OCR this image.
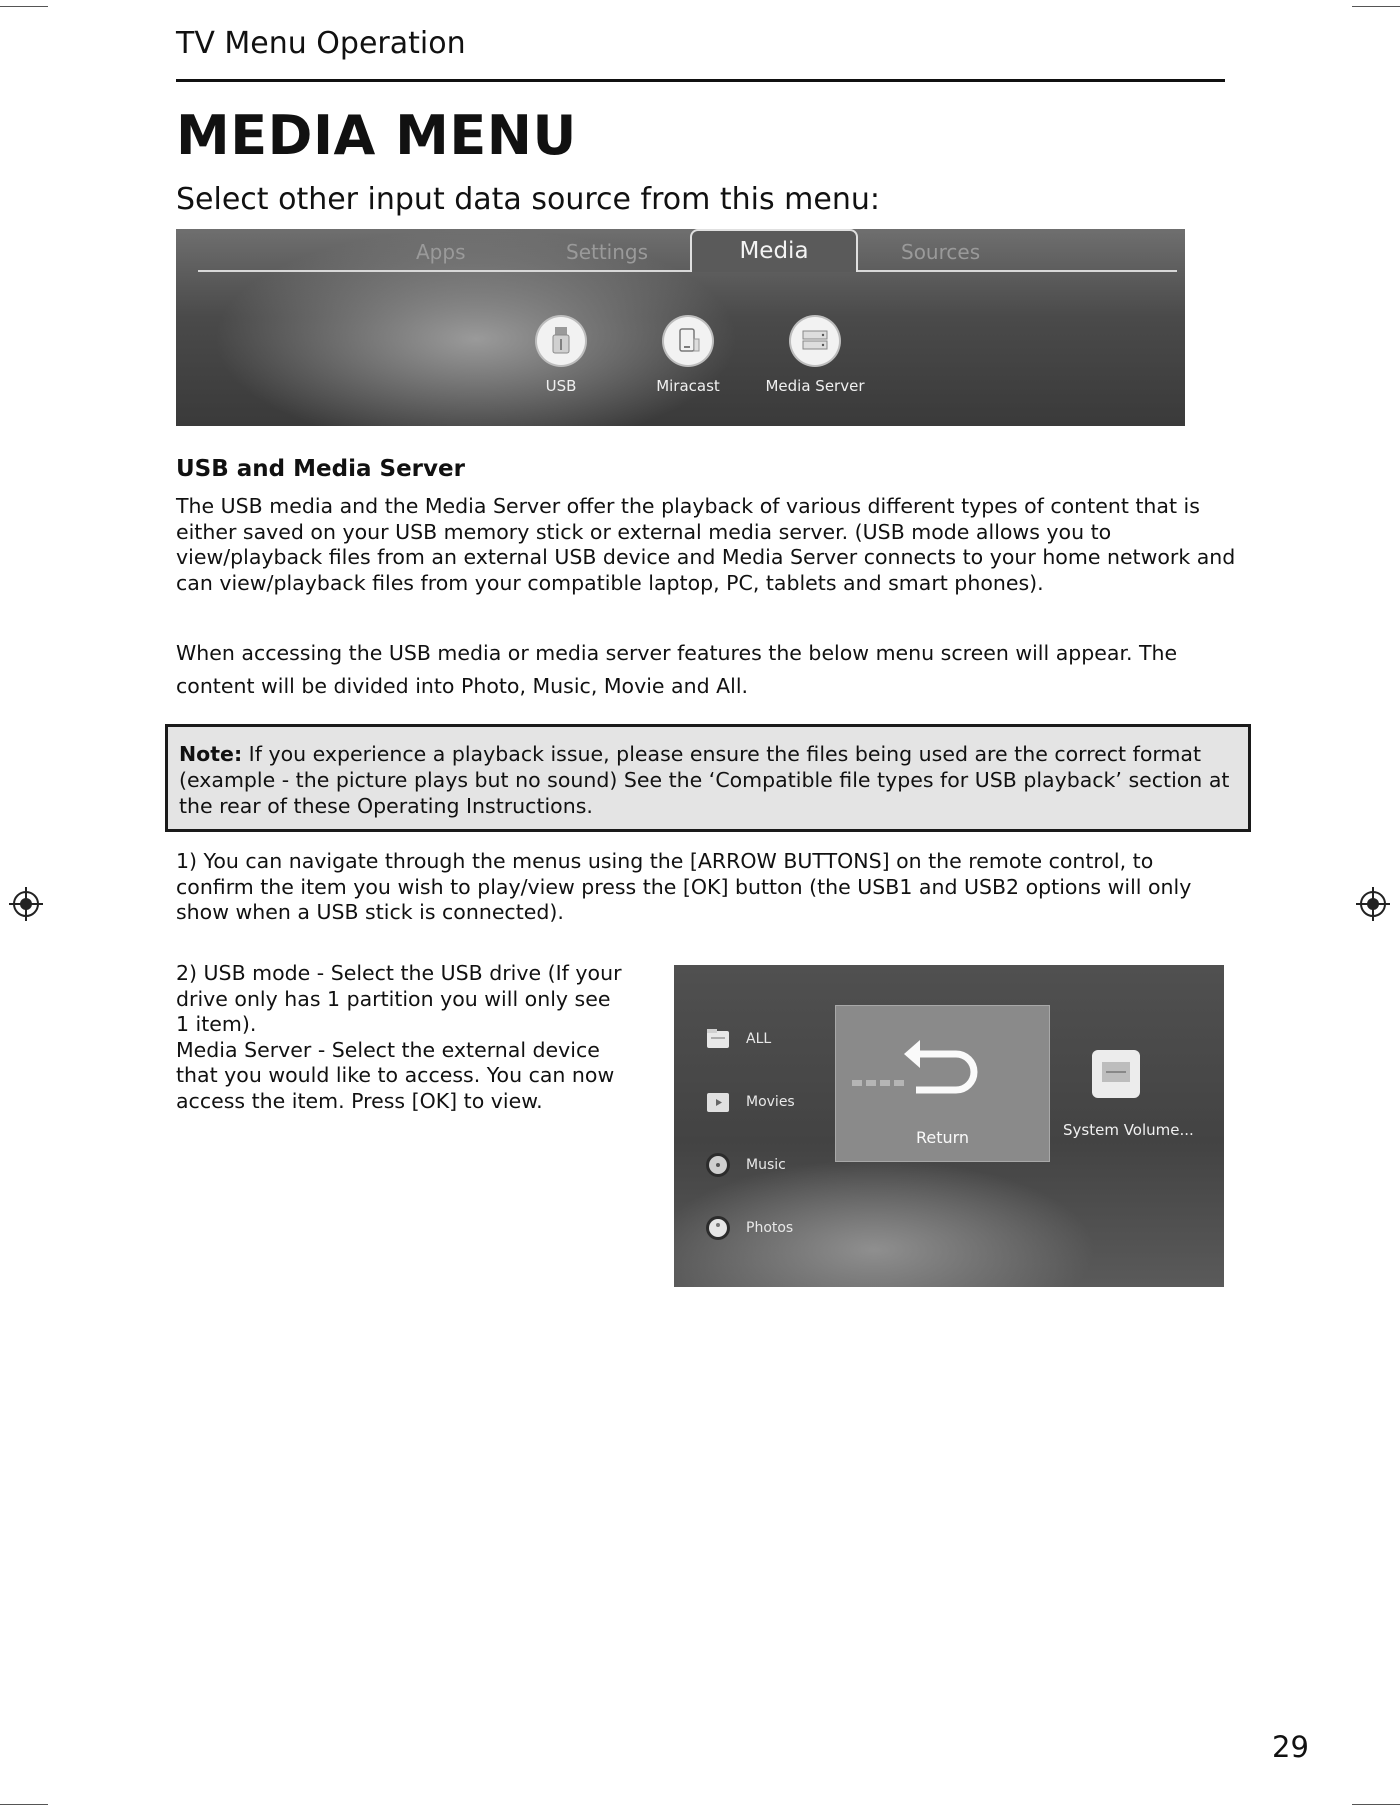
TV Menu Operation
MEDIA MENU
Select other input data source from this menu:
Apps	Settings	Media	Sources
USB	Miracast	Media Server
USB and Media Server
The USB media and the Media Server offer the playback of various different types of content that is either saved on your USB memory stick or external media server. (USB mode allows you to view/playback files from an external USB device and Media Server connects to your home network and can view/playback files from your compatible laptop, PC, tablets and smart phones).
When accessing the USB media or media server features the below menu screen will appear. The content will be divided into Photo, Music, Movie and All.
Note: If you experience a playback issue, please ensure the files being used are the correct format (example - the picture plays but no sound) See the ‘Compatible file types for USB playback’ section at the rear of these Operating Instructions.
1) You can navigate through the menus using the [ARROW BUTTONS] on the remote control, to confirm the item you wish to play/view press the [OK] button (the USB1 and USB2 options will only show when a USB stick is connected).
2) USB mode - Select the USB drive (If your drive only has 1 partition you will only see 1 item).
Media Server - Select the external device that you would like to access. You can now access the item. Press [OK] to view.
ALL
Movies
Music
Photos
Return	System Volume...
29
